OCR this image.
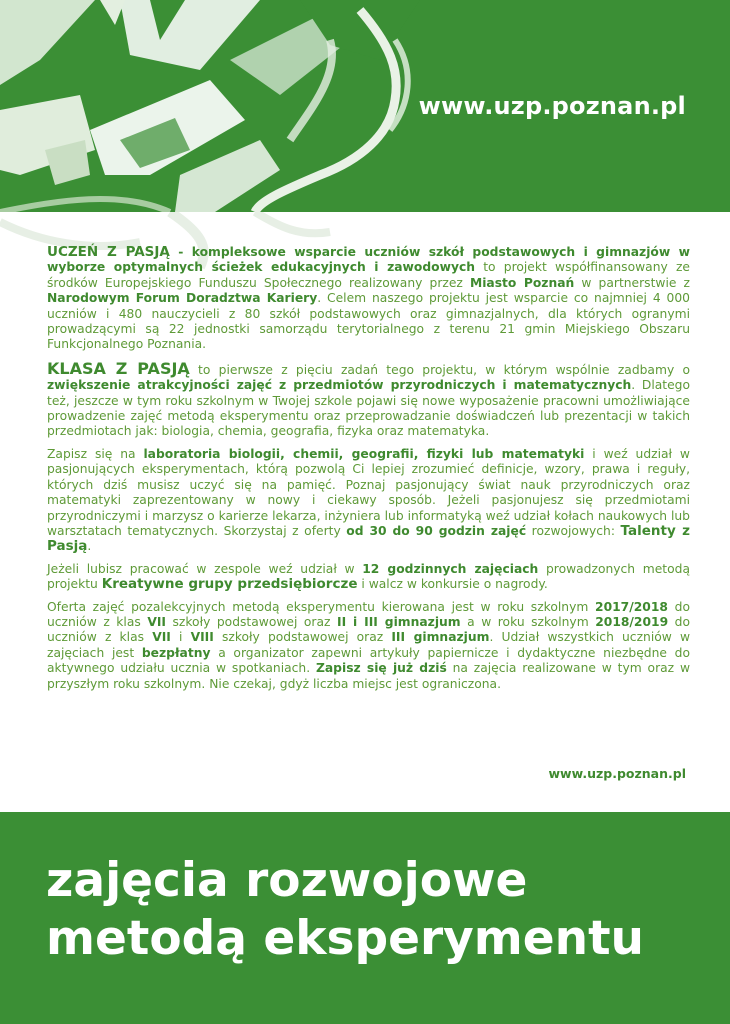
www.uzp.poznan.pl

UCZEŃ Z PASJĄ - kompleksowe wsparcie uczniów szkół podstawowych i gimnazjów w wyborze optymalnych ścieżek edukacyjnych i zawodowych to projekt współfinansowany ze środków Europejskiego Funduszu Społecznego realizowany przez Miasto Poznań w partnerstwie z Narodowym Forum Doradztwa Kariery. Celem naszego projektu jest wsparcie co najmniej 4 000 uczniów i 480 nauczycieli z 80 szkół podstawowych oraz gimnazjalnych, dla których ogranymi prowadzącymi są 22 jednostki samorządu terytorialnego z terenu 21 gmin Miejskiego Obszaru Funkcjonalnego Poznania.

KLASA Z PASJĄ to pierwsze z pięciu zadań tego projektu, w którym wspólnie zadbamy o zwiększenie atrakcyjności zajęć z przedmiotów przyrodniczych i matematycznych. Dlatego też, jeszcze w tym roku szkolnym w Twojej szkole pojawi się nowe wyposażenie pracowni umożliwiające prowadzenie zajęć metodą eksperymentu oraz przeprowadzanie doświadczeń lub prezentacji w takich przedmiotach jak: biologia, chemia, geografia, fizyka oraz matematyka.

Zapisz się na laboratoria biologii, chemii, geografii, fizyki lub matematyki i weź udział w pasjonujących eksperymentach, którą pozwolą Ci lepiej zrozumieć definicje, wzory, prawa i reguły, których dziś musisz uczyć się na pamięć. Poznaj pasjonujący świat nauk przyrodniczych oraz matematyki zaprezentowany w nowy i ciekawy sposób. Jeżeli pasjonujesz się przedmiotami przyrodniczymi i marzysz o karierze lekarza, inżyniera lub informatyką weź udział kołach naukowych lub warsztatach tematycznych. Skorzystaj z oferty od 30 do 90 godzin zajęć rozwojowych: Talenty z Pasją.

Jeżeli lubisz pracować w zespole weź udział w 12 godzinnych zajęciach prowadzonych metodą projektu Kreatywne grupy przedsiębiorcze i walcz w konkursie o nagrody.

Oferta zajęć pozalekcyjnych metodą eksperymentu kierowana jest w roku szkolnym 2017/2018 do uczniów z klas VII szkoły podstawowej oraz II i III gimnazjum a w roku szkolnym 2018/2019 do uczniów z klas VII i VIII szkoły podstawowej oraz III gimnazjum. Udział wszystkich uczniów w zajęciach jest bezpłatny a organizator zapewni artykuły papiernicze i dydaktyczne niezbędne do aktywnego udziału ucznia w spotkaniach. Zapisz się już dziś na zajęcia realizowane w tym oraz w przyszłym roku szkolnym. Nie czekaj, gdyż liczba miejsc jest ograniczona.

www.uzp.poznan.pl
zajęcia rozwojowe
metodą eksperymentu
